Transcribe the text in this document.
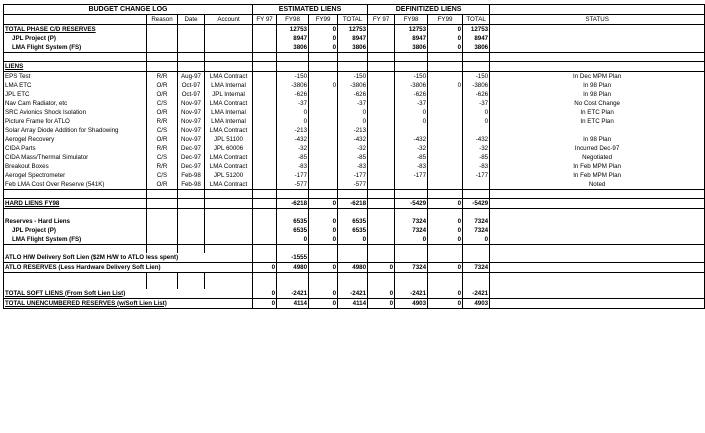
BUDGET CHANGE LOG				ESTIMATED LIENS				DEFINITIZED LIENS				
	Reason	Date	Account	FY 97	FY98	FY99	TOTAL	FY 97	FY98	FY99	TOTAL	STATUS
TOTAL PHASE C/D RESERVES					12753	0	12753		12753	0	12753	
JPL Project (P)					8947	0	8947		8947	0	8947	
LMA Flight System (FS)					3806	0	3806		3806	0	3806	

LIENS												
EPS Test	R/R	Aug-97	LMA Contract		-150		-150		-150		-150	In Dec MPM Plan
LMA ETC	O/R	Oct-97	LMA Internal		-3806	0	-3806		-3806	0	-3806	In 98 Plan
JPL ETC	O/R	Oct-97	JPL Internal		-626		-626		-626		-626	In 98 Plan
Nav Cam Radiator, etc	C/S	Nov-97	LMA Contract		-37		-37		-37		-37	No Cost Change
SRC Avionics Shock Isolation	O/R	Nov-97	LMA Internal		0		0		0		0	In ETC Plan
Picture Frame for ATLO	R/R	Nov-97	LMA Internal		0		0		0		0	In ETC Plan
Solar Array Diode Addition for Shadowing	C/S	Nov-97	LMA Contract		-213		-213					
Aerogel Recovery	O/R	Nov-97	JPL 51100		-432		-432		-432		-432	In 98 Plan
CIDA Parts	R/R	Dec-97	JPL 60006		-32		-32		-32		-32	Incurred Dec-97
CIDA Mass/Thermal Simulator	C/S	Dec-97	LMA Contract		-85		-85		-85		-85	Negotiated
Breakout Boxes	R/R	Dec-97	LMA Contract		-83		-83		-83		-83	In Feb MPM Plan
Aerogel Spectrometer	C/S	Feb-98	JPL 51200		-177		-177		-177		-177	In Feb MPM Plan
Feb LMA Cost Over Reserve (541K)	O/R	Feb-98	LMA Contract		-577		-577					Noted

HARD LIENS FY98					-6218	0	-6218		-5429	0	-5429	

Reserves - Hard Liens					6535	0	6535		7324	0	7324	
JPL Project (P)					6535	0	6535		7324	0	7324	
LMA Flight System (FS)					0	0	0		0	0	0	

ATLO H/W Delivery Soft Lien ($2M H/W to ATLO less spent)					-1555							
ATLO RESERVES (Less Hardware Delivery Soft Lien)				0	4980	0	4980	0	7324	0	7324	

TOTAL SOFT LIENS (From Soft Lien List)				0	-2421	0	-2421	0	-2421	0	-2421	
TOTAL UNENCUMBERED RESERVES (w/Soft Lien List)				0	4114	0	4114	0	4903	0	4903	
